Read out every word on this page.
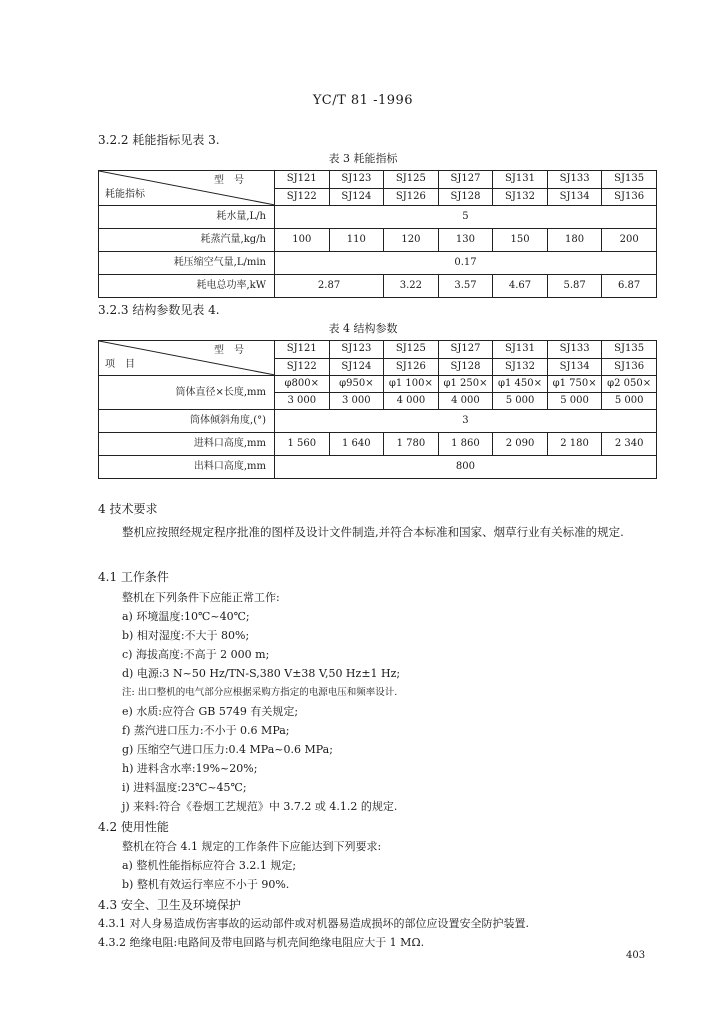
YC/T 81 -1996
3.2.2 耗能指标见表 3.
表 3 耗能指标
型　号
耗能指标	SJ121	SJ123	SJ125	SJ127	SJ131	SJ133	SJ135
	SJ122	SJ124	SJ126	SJ128	SJ132	SJ134	SJ136
耗水量,L/h	5						
耗蒸汽量,kg/h	100	110	120	130	150	180	200
耗压缩空气量,L/min	0.17						
耗电总功率,kW	2.87		3.22	3.57	4.67	5.87	6.87
3.2.3 结构参数见表 4.
表 4 结构参数
型　号
项　目	SJ121	SJ123	SJ125	SJ127	SJ131	SJ133	SJ135
	SJ122	SJ124	SJ126	SJ128	SJ132	SJ134	SJ136
筒体直径×长度,mm	φ800×	φ950×	φ1 100×	φ1 250×	φ1 450×	φ1 750×	φ2 050×
	3 000	3 000	4 000	4 000	5 000	5 000	5 000
筒体倾斜角度,(°)	3						
进料口高度,mm	1 560	1 640	1 780	1 860	2 090	2 180	2 340
出料口高度,mm	800						
4 技术要求
整机应按照经规定程序批准的图样及设计文件制造,并符合本标准和国家、烟草行业有关标准的规定.
4.1 工作条件
整机在下列条件下应能正常工作:
a) 环境温度:10℃~40℃;
b) 相对湿度:不大于 80%;
c) 海拔高度:不高于 2 000 m;
d) 电源:3 N~50 Hz/TN-S,380 V±38 V,50 Hz±1 Hz;
注: 出口整机的电气部分应根据采购方指定的电源电压和频率设计.
e) 水质:应符合 GB 5749 有关规定;
f) 蒸汽进口压力:不小于 0.6 MPa;
g) 压缩空气进口压力:0.4 MPa~0.6 MPa;
h) 进料含水率:19%~20%;
i) 进料温度:23℃~45℃;
j) 来料:符合《卷烟工艺规范》中 3.7.2 或 4.1.2 的规定.
4.2 使用性能
整机在符合 4.1 规定的工作条件下应能达到下列要求:
a) 整机性能指标应符合 3.2.1 规定;
b) 整机有效运行率应不小于 90%.
4.3 安全、卫生及环境保护
4.3.1 对人身易造成伤害事故的运动部件或对机器易造成损坏的部位应设置安全防护装置.
4.3.2 绝缘电阻:电路间及带电回路与机壳间绝缘电阻应大于 1 MΩ.
403
